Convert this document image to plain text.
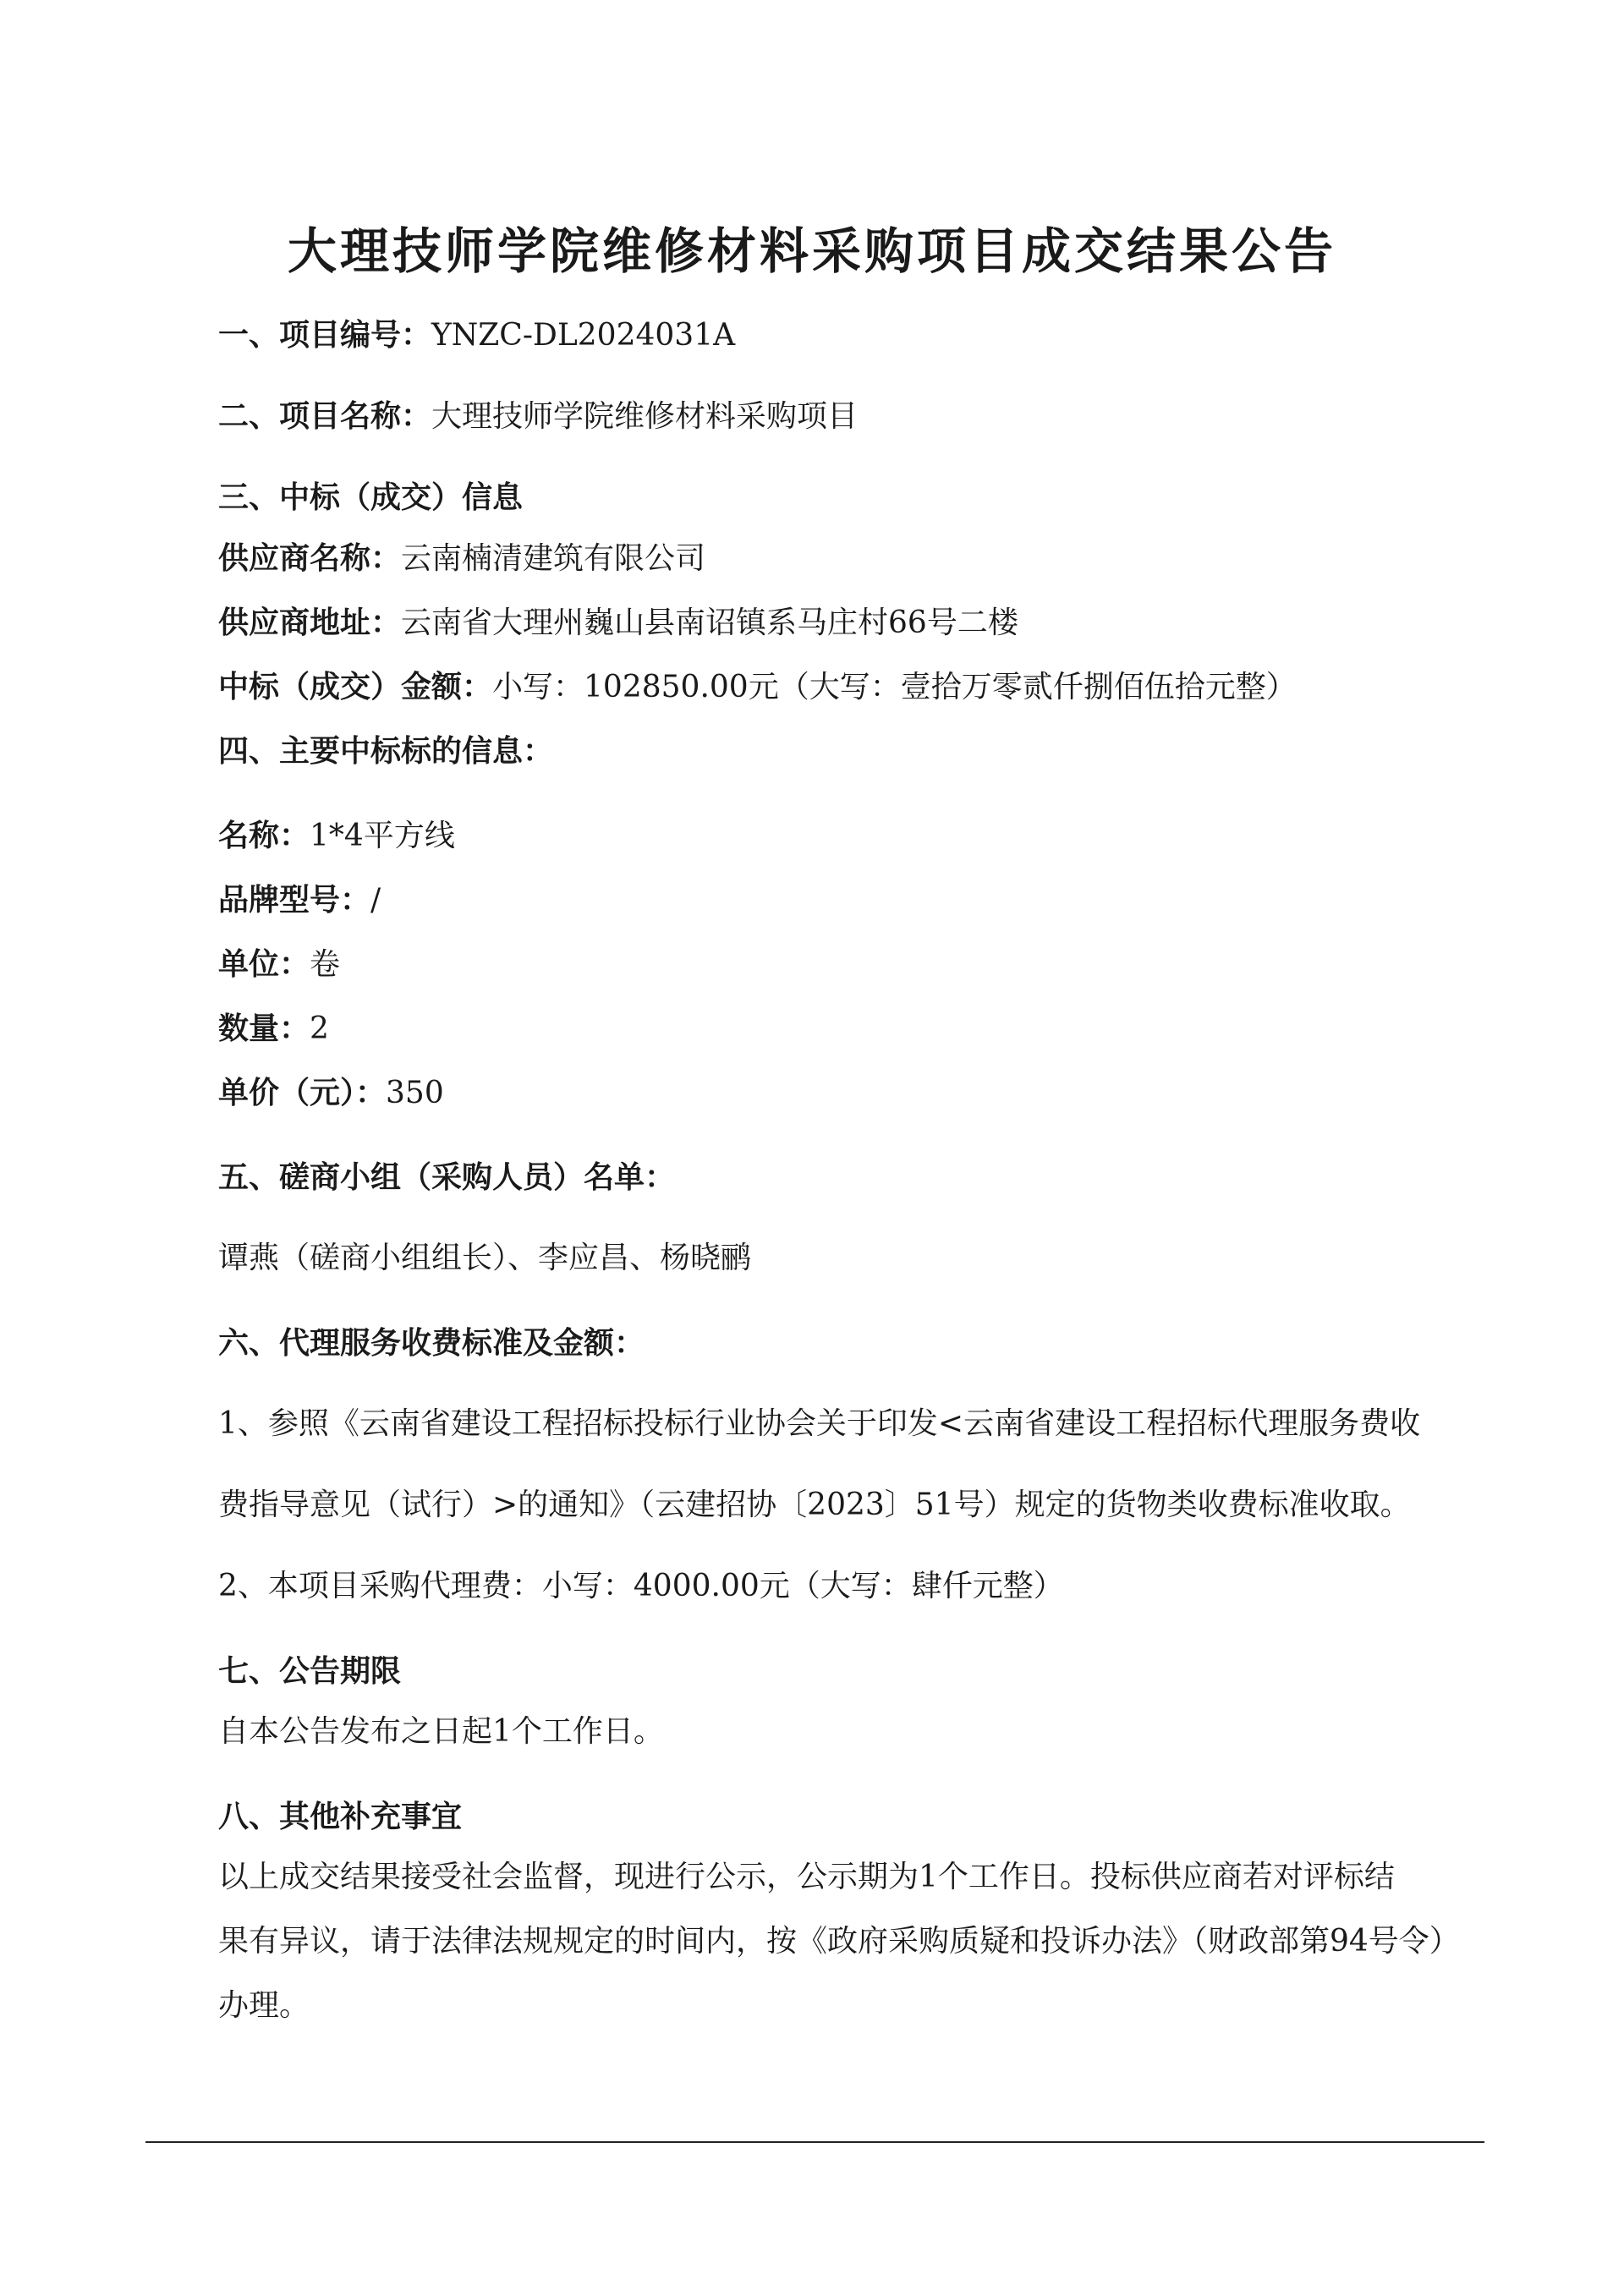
大理技师学院维修材料采购项目成交结果公告

一、项目编号：YNZC-DL2024031A

二、项目名称：大理技师学院维修材料采购项目

三、中标（成交）信息

供应商名称：云南楠清建筑有限公司

供应商地址：云南省大理州巍山县南诏镇系马庄村66号二楼

中标（成交）金额：小写：102850.00元（大写：壹拾万零贰仟捌佰伍拾元整）

四、主要中标标的信息：

名称：1*4平方线

品牌型号：/

单位：卷

数量：2

单价（元）：350

五、磋商小组（采购人员）名单：

谭燕（磋商小组组长）、李应昌、杨晓鹂

六、代理服务收费标准及金额：

1、参照《云南省建设工程招标投标行业协会关于印发<云南省建设工程招标代理服务费收

费指导意见（试行）>的通知》（云建招协〔2023〕51号）规定的货物类收费标准收取。

2、本项目采购代理费：小写：4000.00元（大写：肆仟元整）

七、公告期限

自本公告发布之日起1个工作日。

八、其他补充事宜

以上成交结果接受社会监督，现进行公示，公示期为1个工作日。投标供应商若对评标结

果有异议，请于法律法规规定的时间内，按《政府采购质疑和投诉办法》（财政部第94号令）

办理。
